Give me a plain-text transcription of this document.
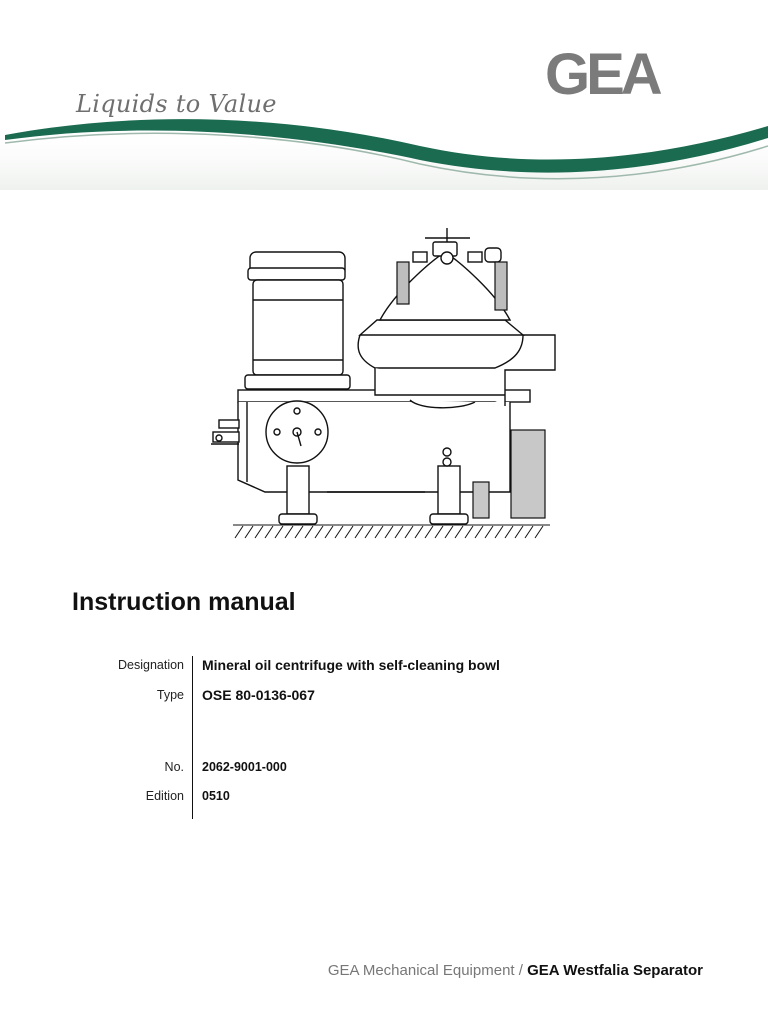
Liquids to Value	GEA
Instruction manual
Designation Mineral oil centrifuge with self-cleaning bowl
Type OSE 80-0136-067
No. 2062-9001-000
Edition 0510
GEA Mechanical Equipment / GEA Westfalia Separator
